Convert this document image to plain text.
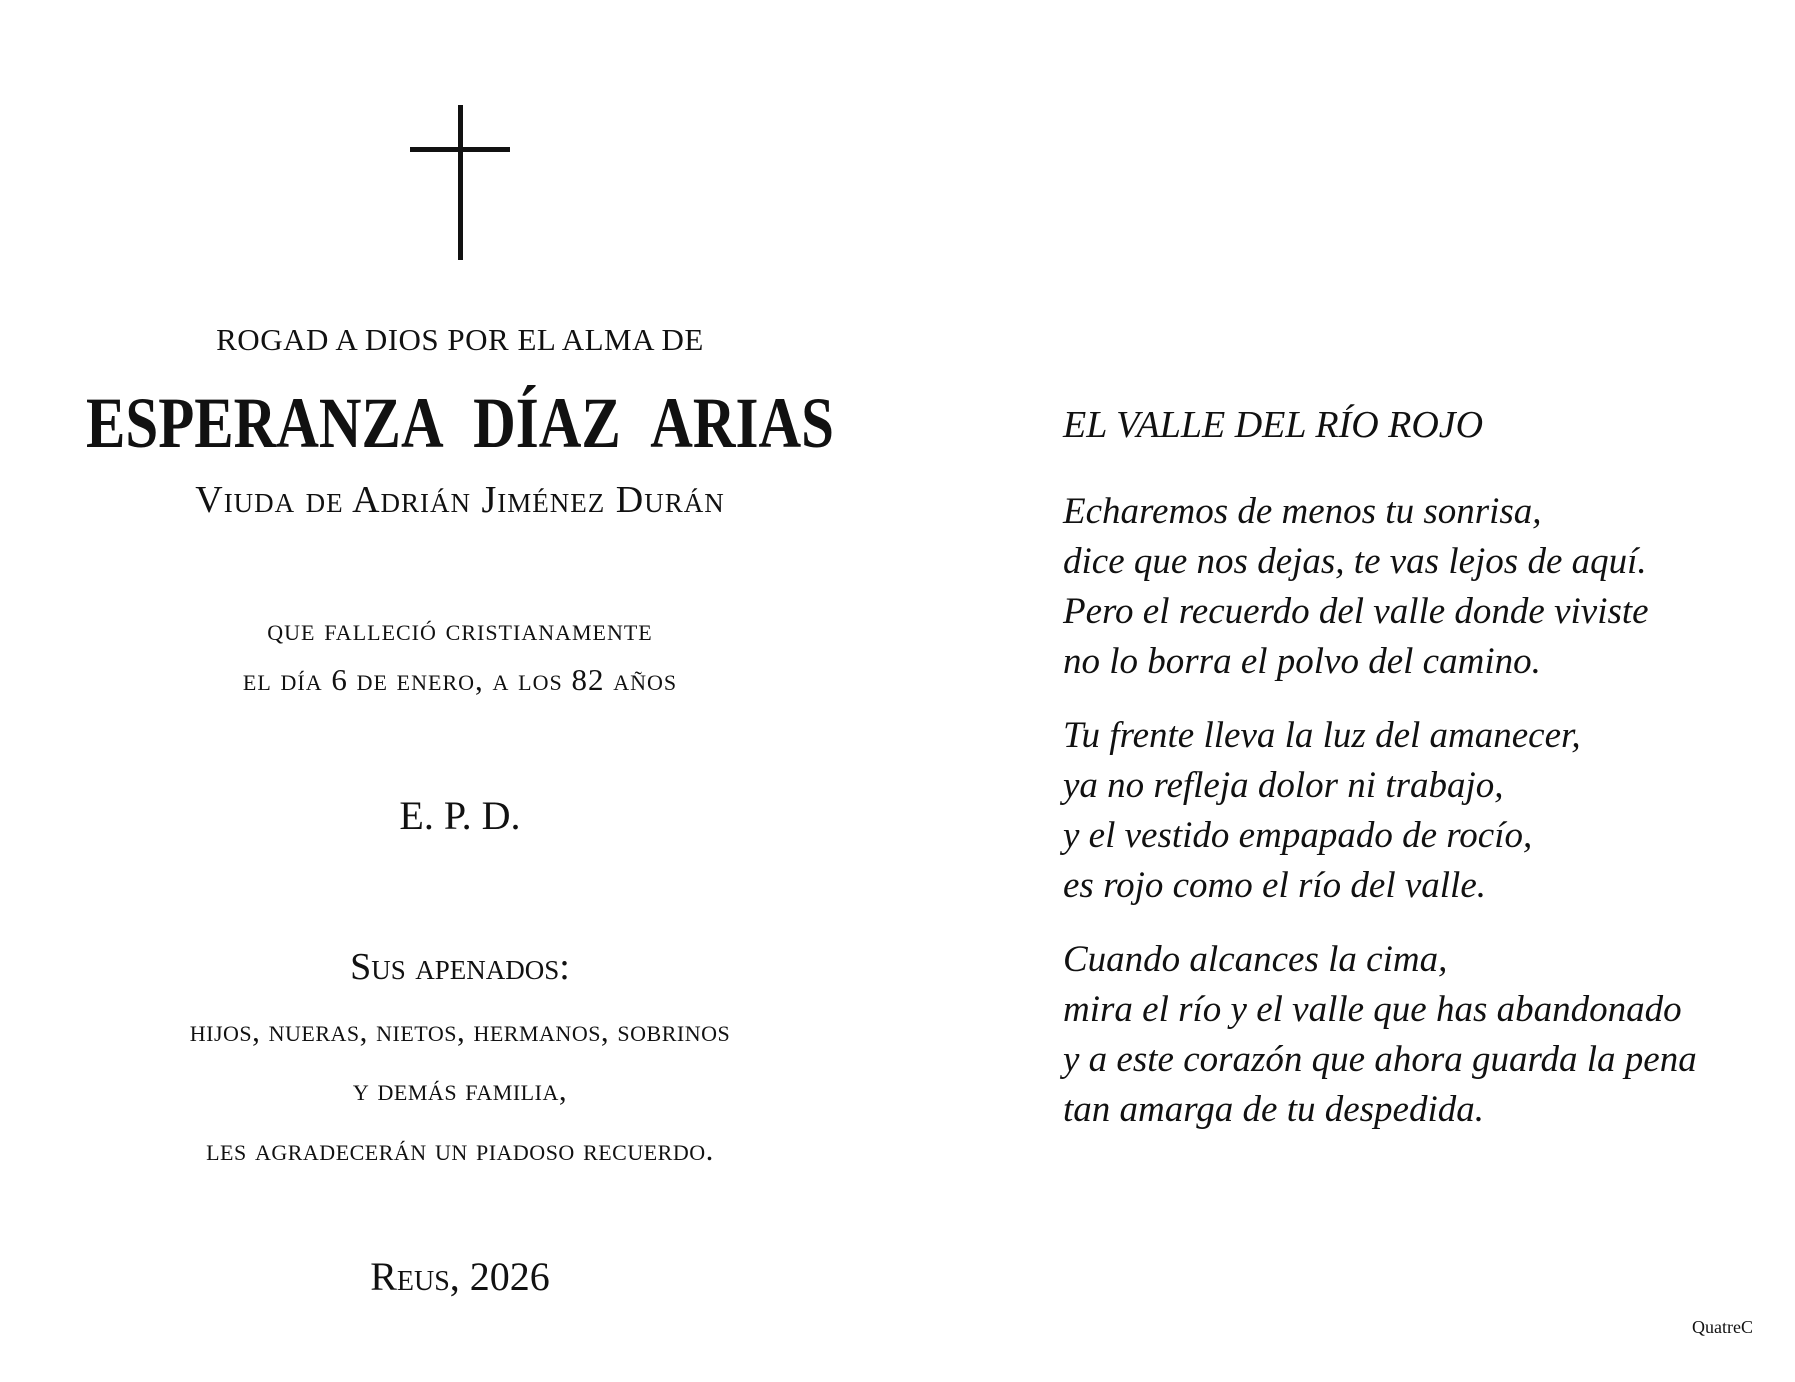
ROGAD A DIOS POR EL ALMA DE
ESPERANZA DÍAZ ARIAS
Viuda de Adrián Jiménez Durán
que falleció cristianamente
el día 6 de enero, a los 82 años
E. P. D.
Sus apenados:
hijos, nueras, nietos, hermanos, sobrinos
y demás familia,
les agradecerán un piadoso recuerdo.
Reus, 2026
EL VALLE DEL RÍO ROJO
Echaremos de menos tu sonrisa,
dice que nos dejas, te vas lejos de aquí.
Pero el recuerdo del valle donde viviste
no lo borra el polvo del camino.
Tu frente lleva la luz del amanecer,
ya no refleja dolor ni trabajo,
y el vestido empapado de rocío,
es rojo como el río del valle.
Cuando alcances la cima,
mira el río y el valle que has abandonado
y a este corazón que ahora guarda la pena
tan amarga de tu despedida.
QuatreC
